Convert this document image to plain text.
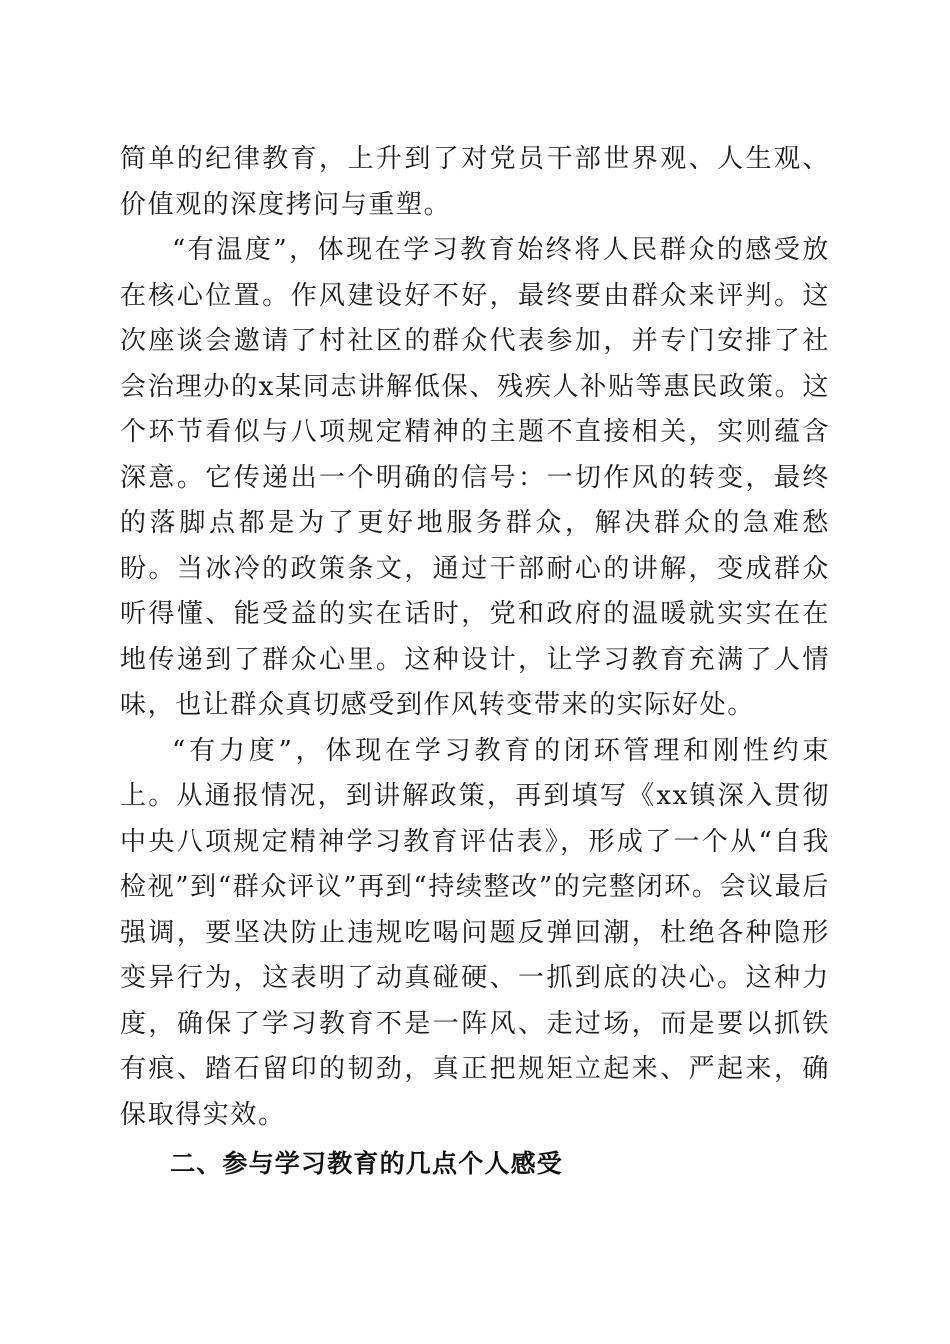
简单的纪律教育，上升到了对党员干部世界观、人生观、价值观的深度拷问与重塑。

“有温度”，体现在学习教育始终将人民群众的感受放在核心位置。作风建设好不好，最终要由群众来评判。这次座谈会邀请了村社区的群众代表参加，并专门安排了社会治理办的x某同志讲解低保、残疾人补贴等惠民政策。这个环节看似与八项规定精神的主题不直接相关，实则蕴含深意。它传递出一个明确的信号：一切作风的转变，最终的落脚点都是为了更好地服务群众，解决群众的急难愁盼。当冰冷的政策条文，通过干部耐心的讲解，变成群众听得懂、能受益的实在话时，党和政府的温暖就实实在在地传递到了群众心里。这种设计，让学习教育充满了人情味，也让群众真切感受到作风转变带来的实际好处。

“有力度”，体现在学习教育的闭环管理和刚性约束上。从通报情况，到讲解政策，再到填写《xx镇深入贯彻中央八项规定精神学习教育评估表》，形成了一个从“自我检视”到“群众评议”再到“持续整改”的完整闭环。会议最后强调，要坚决防止违规吃喝问题反弹回潮，杜绝各种隐形变异行为，这表明了动真碰硬、一抓到底的决心。这种力度，确保了学习教育不是一阵风、走过场，而是要以抓铁有痕、踏石留印的韧劲，真正把规矩立起来、严起来，确保取得实效。

二、参与学习教育的几点个人感受
